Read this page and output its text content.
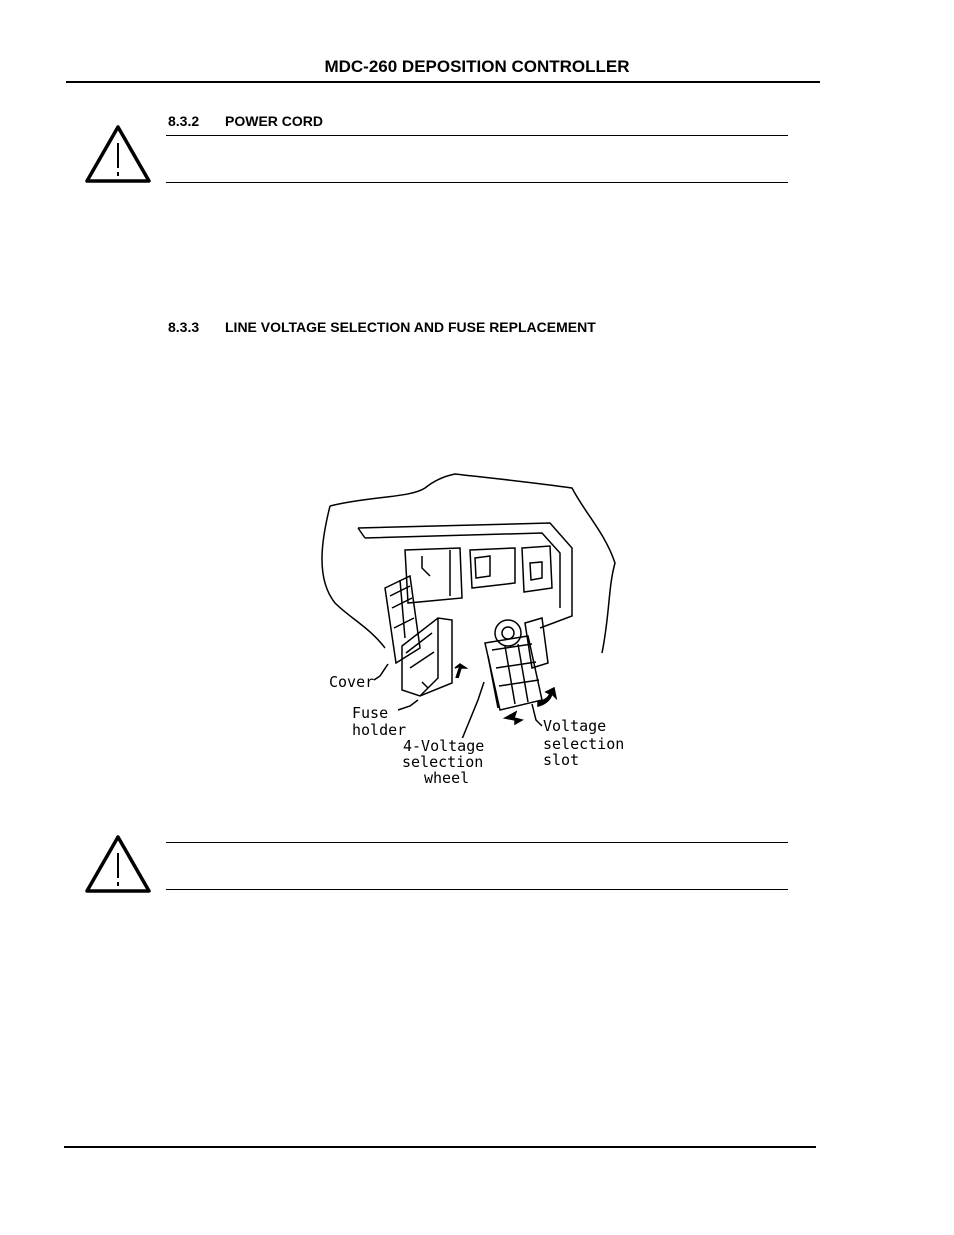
MDC-260 DEPOSITION CONTROLLER
8.3.2 POWER CORD
8.3.3 LINE VOLTAGE SELECTION AND FUSE REPLACEMENT
Cover
Fuse
holder
4-Voltage
selection
wheel
Voltage
selection
slot
